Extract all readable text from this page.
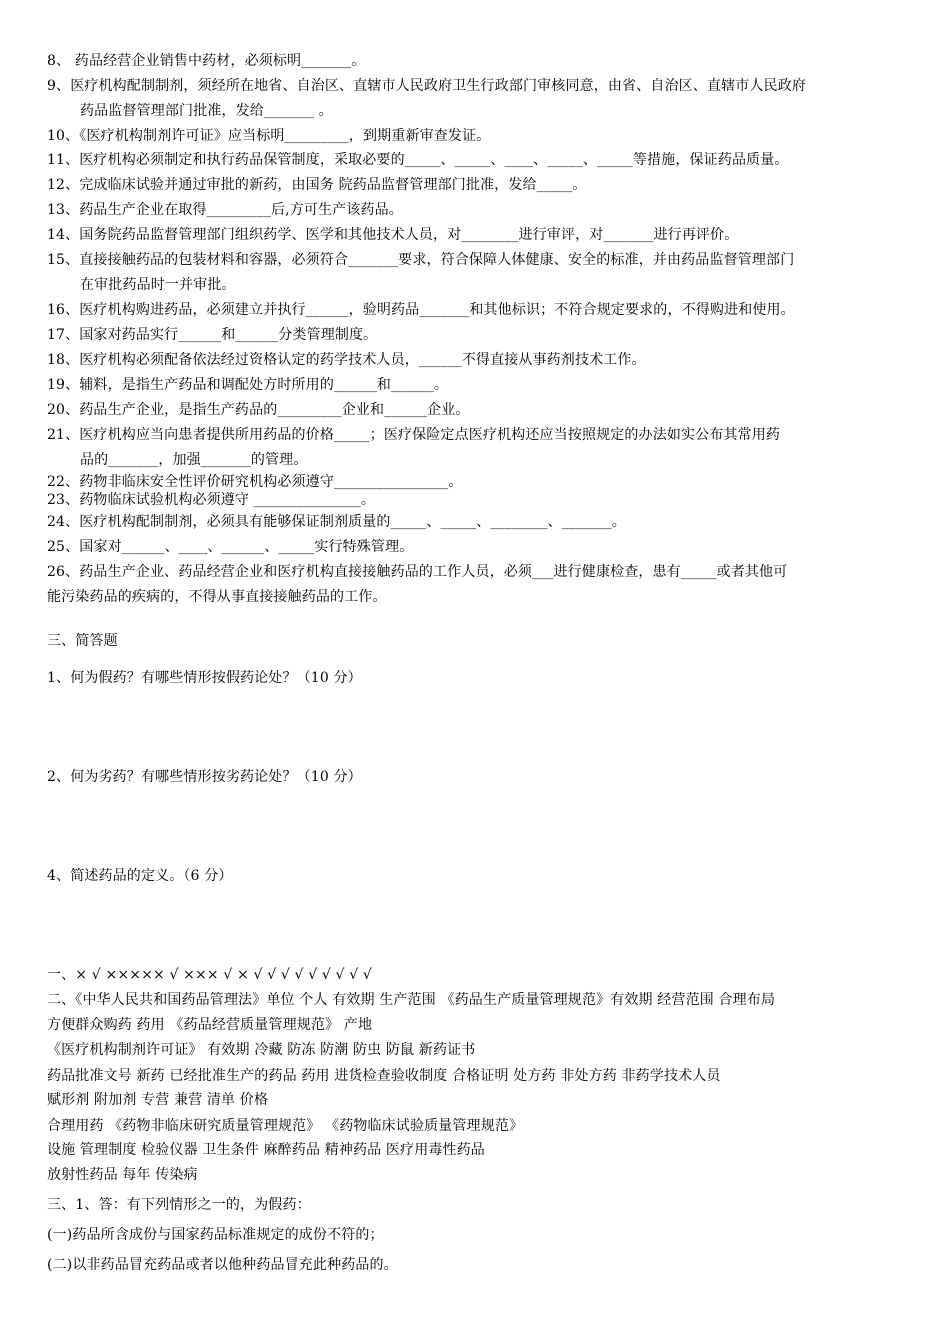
8、 药品经营企业销售中药材，必须标明_______。
9、医疗机构配制制剂，须经所在地省、自治区、直辖市人民政府卫生行政部门审核同意，由省、自治区、直辖市人民政府
药品监督管理部门批准，发给_______ 。
10、《医疗机构制剂许可证》应当标明_________，到期重新审查发证。
11、医疗机构必须制定和执行药品保管制度，采取必要的_____、_____、____、_____、_____等措施，保证药品质量。
12、完成临床试验并通过审批的新药，由国务 院药品监督管理部门批准，发给_____。
13、药品生产企业在取得_________后,方可生产该药品。
14、国务院药品监督管理部门组织药学、医学和其他技术人员，对________进行审评，对_______进行再评价。
15、直接接触药品的包装材料和容器，必须符合_______要求，符合保障人体健康、安全的标准，并由药品监督管理部门
在审批药品时一并审批。
16、医疗机构购进药品，必须建立并执行______，验明药品_______和其他标识；不符合规定要求的，不得购进和使用。
17、国家对药品实行______和______分类管理制度。
18、医疗机构必须配备依法经过资格认定的药学技术人员，______不得直接从事药剂技术工作。
19、辅料，是指生产药品和调配处方时所用的______和______。
20、药品生产企业，是指生产药品的_________企业和______企业。
21、医疗机构应当向患者提供所用药品的价格_____；医疗保险定点医疗机构还应当按照规定的办法如实公布其常用药
品的_______，加强_______的管理。
22、药物非临床安全性评价研究机构必须遵守________________。
23、药物临床试验机构必须遵守 _______________。
24、医疗机构配制制剂，必须具有能够保证制剂质量的_____、_____、________、_______。
25、国家对______、____、______、_____实行特殊管理。
26、药品生产企业、药品经营企业和医疗机构直接接触药品的工作人员，必须___进行健康检查，患有_____或者其他可
能污染药品的疾病的，不得从事直接接触药品的工作。
三、简答题
1、何为假药？有哪些情形按假药论处？（10 分）
2、何为劣药？有哪些情形按劣药论处？（10 分）
4、简述药品的定义。（6 分）
一、× √ ××××× √ ××× √ × √ √ √ √ √ √ √ √ √
二、《中华人民共和国药品管理法》单位 个人 有效期 生产范围 《药品生产质量管理规范》有效期 经营范围 合理布局
方便群众购药 药用 《药品经营质量管理规范》 产地
《医疗机构制剂许可证》 有效期 冷藏 防冻 防潮 防虫 防鼠 新药证书
药品批准文号 新药 已经批准生产的药品 药用 进货检查验收制度 合格证明 处方药 非处方药 非药学技术人员
赋形剂 附加剂 专营 兼营 清单 价格
合理用药 《药物非临床研究质量管理规范》 《药物临床试验质量管理规范》
设施 管理制度 检验仪器 卫生条件 麻醉药品 精神药品 医疗用毒性药品
放射性药品 每年 传染病
三、1、答：有下列情形之一的，为假药：
(一)药品所含成份与国家药品标准规定的成份不符的；
(二)以非药品冒充药品或者以他种药品冒充此种药品的。
